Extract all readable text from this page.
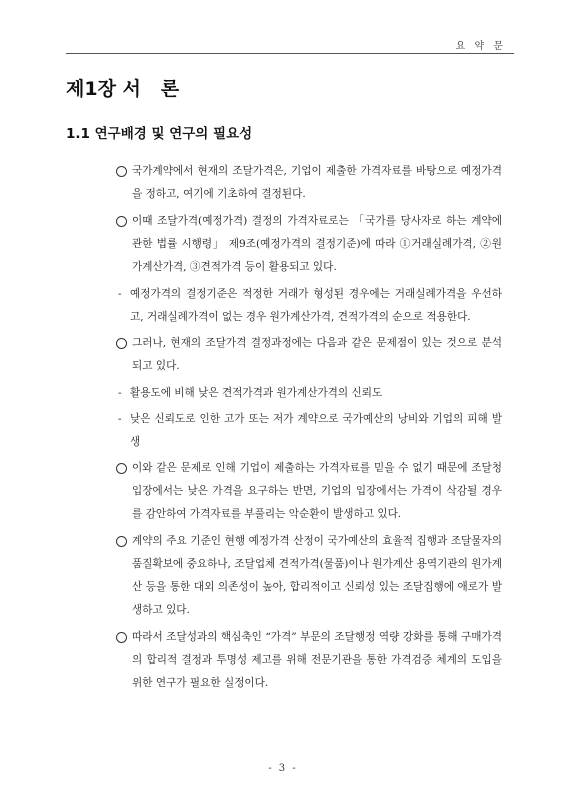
요 약 문
제1장 서   론
1.1 연구배경 및 연구의 필요성
국가계약에서 현재의 조달가격은, 기업이 제출한 가격자료를 바탕으로 예정가격을 정하고, 여기에 기초하여 결정된다.
이때 조달가격(예정가격) 결정의 가격자료로는 「국가를 당사자로 하는 계약에 관한 법률 시행령」 제9조(예정가격의 결정기준)에 따라 ①거래실례가격, ②원가계산가격, ③견적가격 등이 활용되고 있다.
- 예정가격의 결정기준은 적정한 거래가 형성된 경우에는 거래실례가격을 우선하고, 거래실례가격이 없는 경우 원가계산가격, 견적가격의 순으로 적용한다.
그러나, 현재의 조달가격 결정과정에는 다음과 같은 문제점이 있는 것으로 분석되고 있다.
- 활용도에 비해 낮은 견적가격과 원가계산가격의 신뢰도
- 낮은 신뢰도로 인한 고가 또는 저가 계약으로 국가예산의 낭비와 기업의 피해 발생
이와 같은 문제로 인해 기업이 제출하는 가격자료를 믿을 수 없기 때문에 조달청 입장에서는 낮은 가격을 요구하는 반면, 기업의 입장에서는 가격이 삭감될 경우를 감안하여 가격자료를 부풀리는 악순환이 발생하고 있다.
계약의 주요 기준인 현행 예정가격 산정이 국가예산의 효율적 집행과 조달물자의 품질확보에 중요하나, 조달업체 견적가격(물품)이나 원가계산 용역기관의 원가계산 등을 통한 대외 의존성이 높아, 합리적이고 신뢰성 있는 조달집행에 애로가 발생하고 있다.
따라서 조달성과의 핵심축인 “가격” 부문의 조달행정 역량 강화를 통해 구매가격의 합리적 결정과 투명성 제고를 위해 전문기관을 통한 가격검증 체계의 도입을 위한 연구가 필요한 실정이다.
- 3 -
